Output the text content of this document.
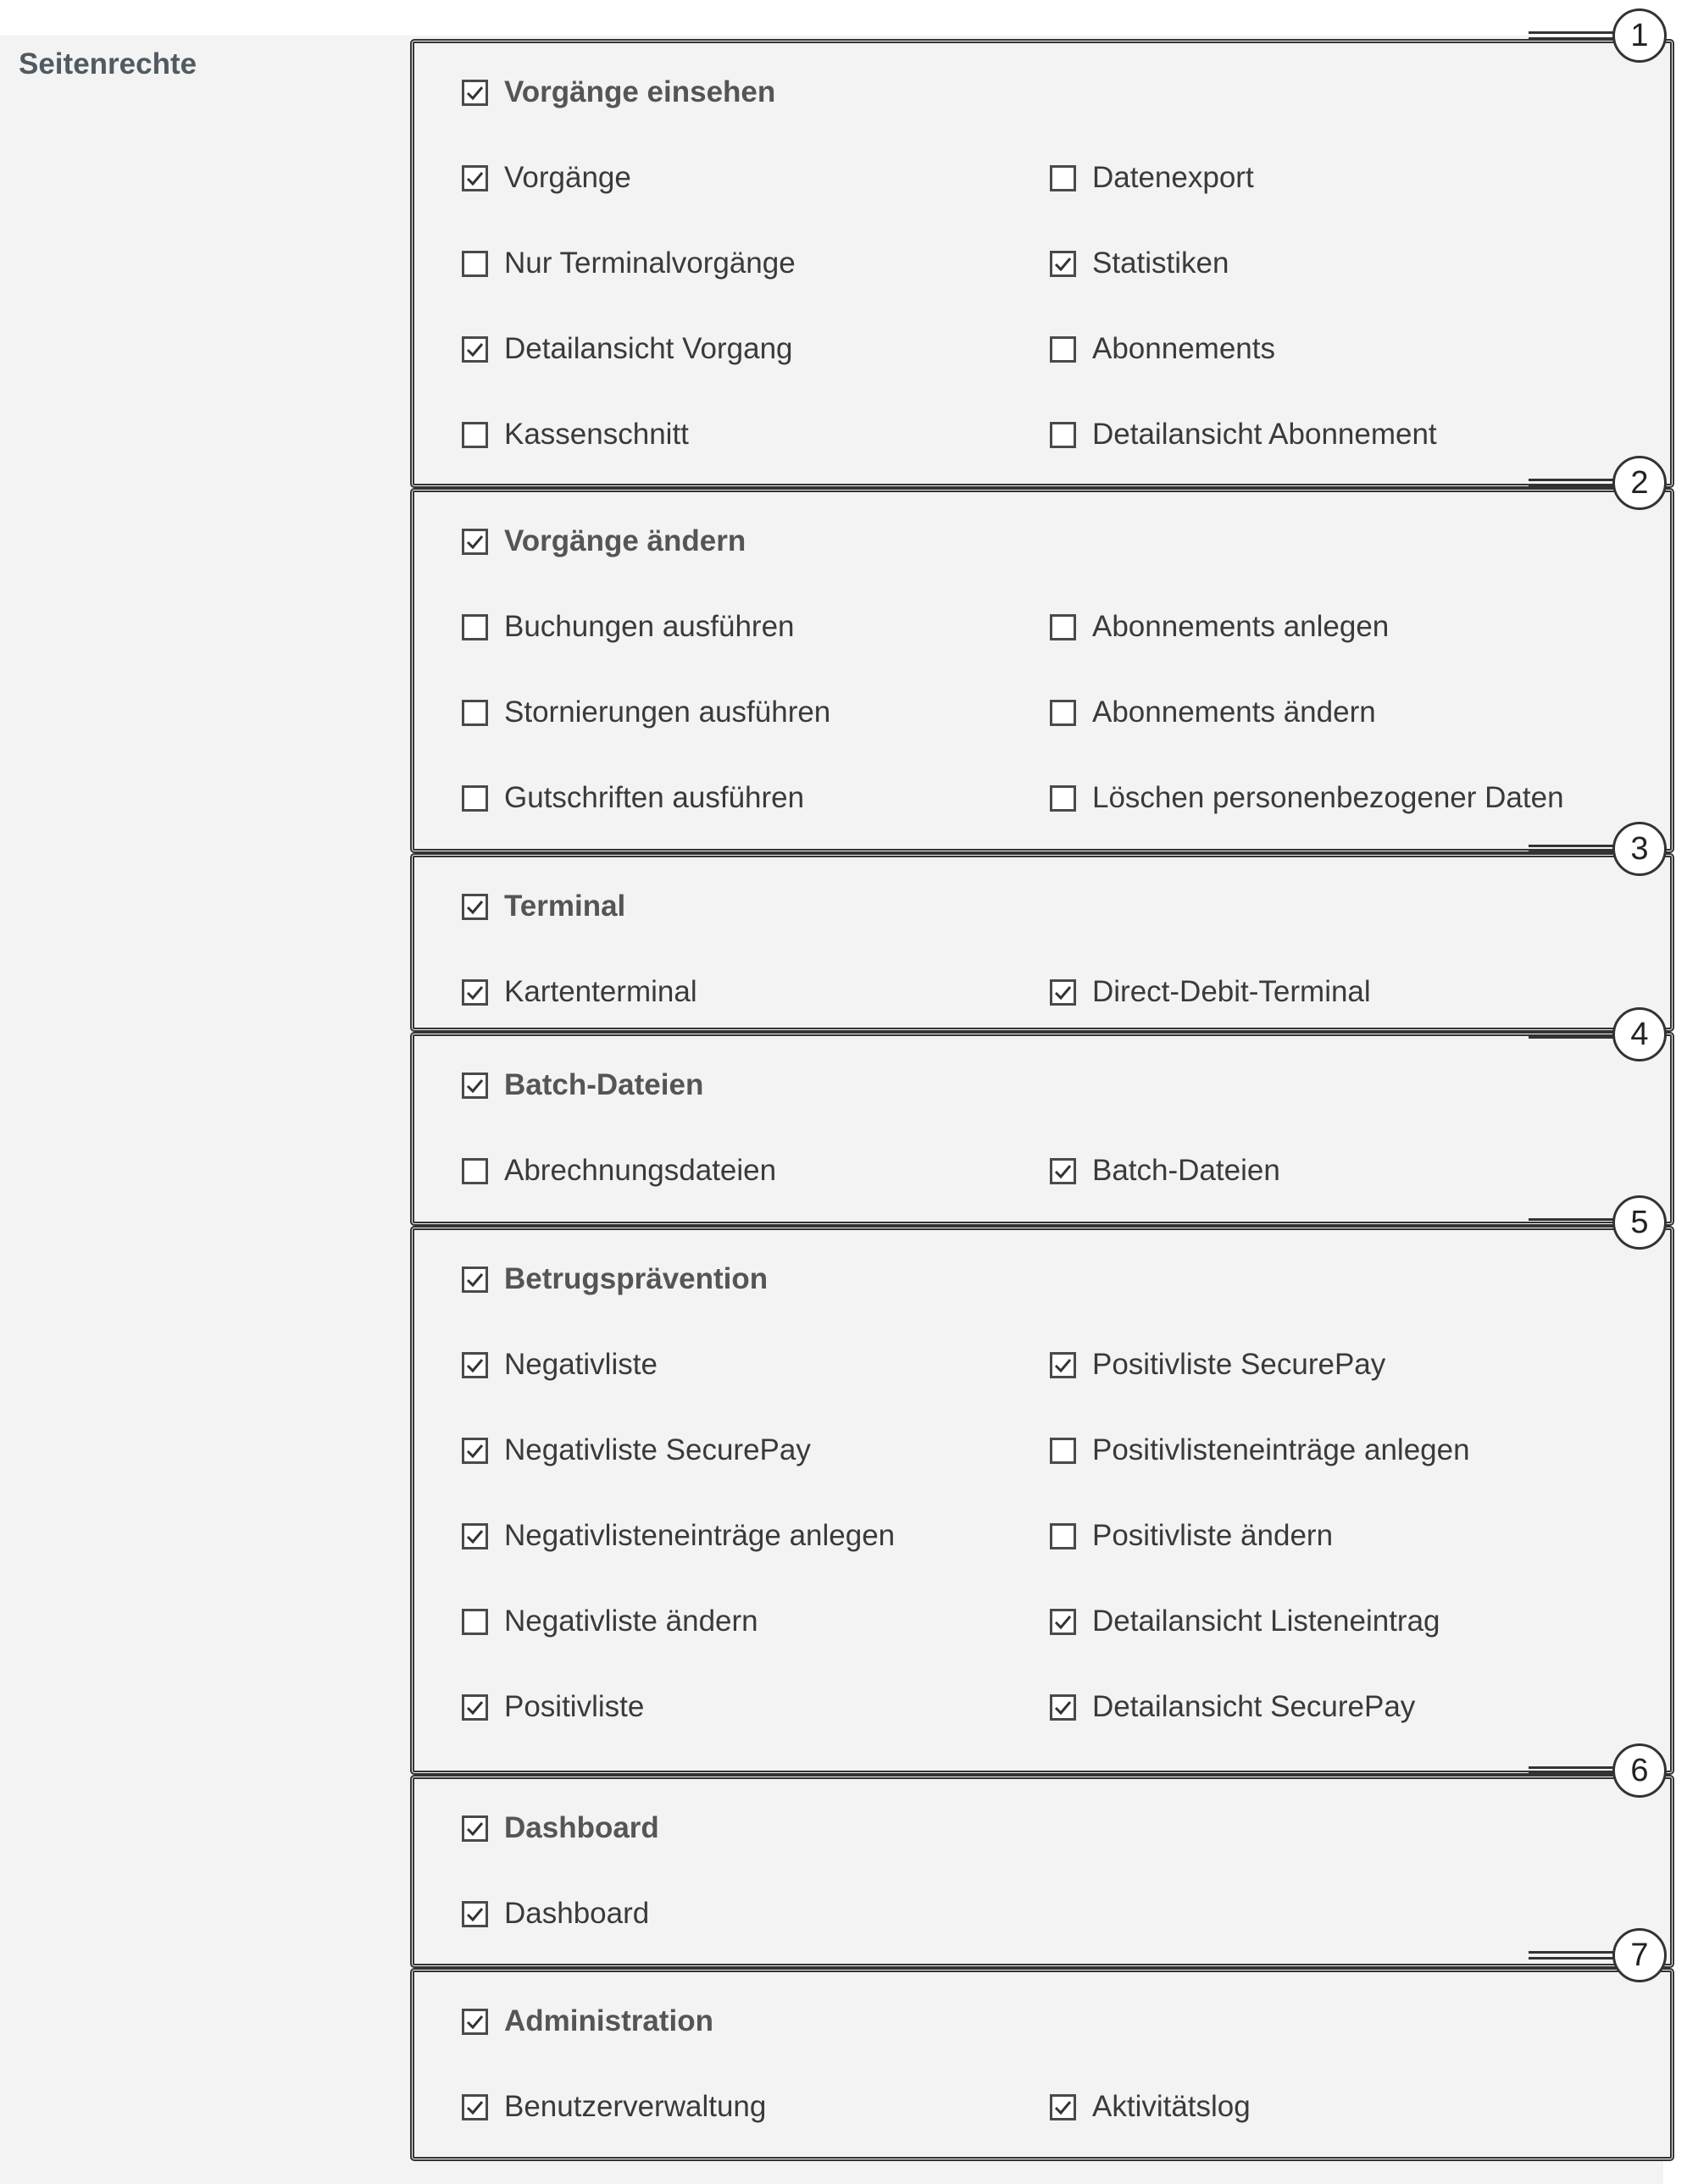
Seitenrechte
Vorgänge einsehen
Vorgänge	Datenexport
Nur Terminalvorgänge	Statistiken
Detailansicht Vorgang	Abonnements
Kassenschnitt	Detailansicht Abonnement
1
Vorgänge ändern
Buchungen ausführen	Abonnements anlegen
Stornierungen ausführen	Abonnements ändern
Gutschriften ausführen	Löschen personenbezogener Daten
2
Terminal
Kartenterminal	Direct-Debit-Terminal
3
Batch-Dateien
Abrechnungsdateien	Batch-Dateien
4
Betrugsprävention
Negativliste	Positivliste SecurePay
Negativliste SecurePay	Positivlisteneinträge anlegen
Negativlisteneinträge anlegen	Positivliste ändern
Negativliste ändern	Detailansicht Listeneintrag
Positivliste	Detailansicht SecurePay
5
Dashboard
Dashboard
6
Administration
Benutzerverwaltung	Aktivitätslog
7
